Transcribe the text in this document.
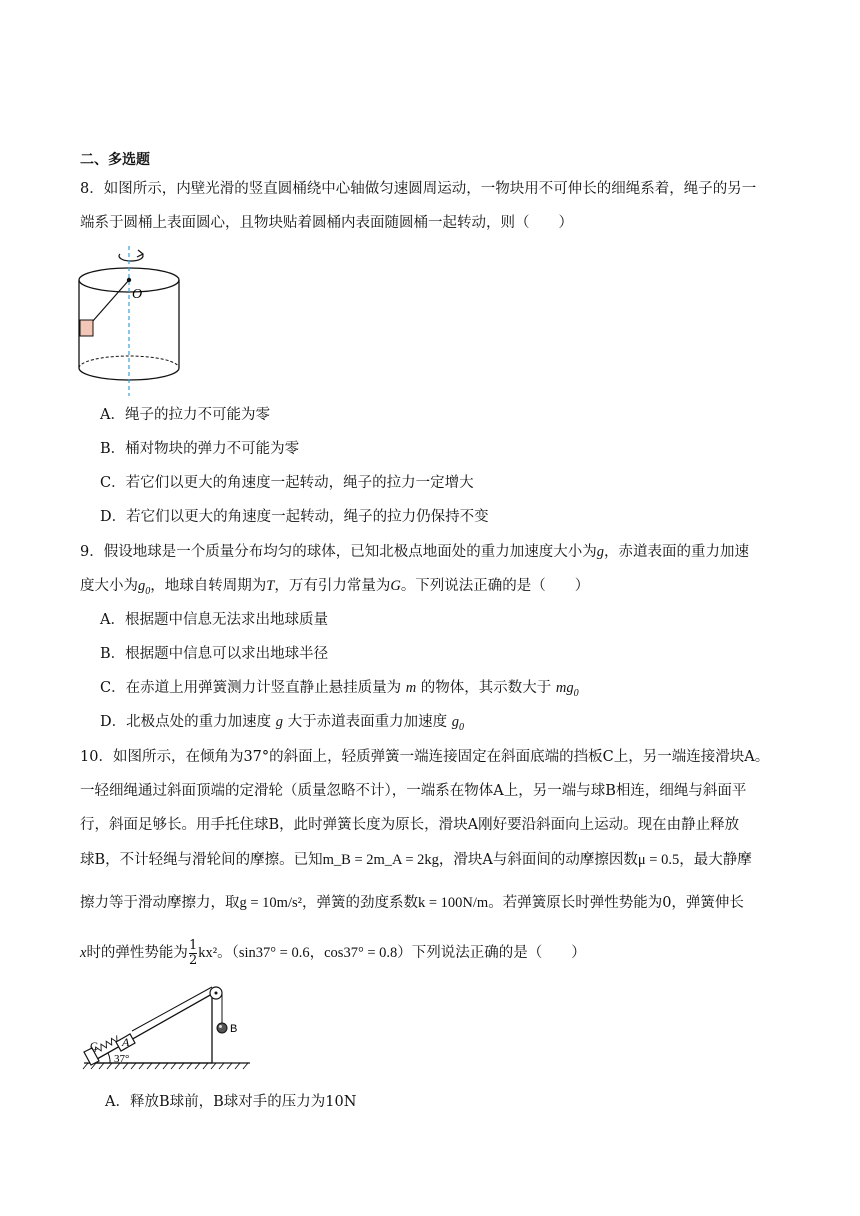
二、多选题
8．如图所示，内壁光滑的竖直圆桶绕中心轴做匀速圆周运动，一物块用不可伸长的细绳系着，绳子的另一
端系于圆桶上表面圆心，且物块贴着圆桶内表面随圆桶一起转动，则（　　）
O
A．绳子的拉力不可能为零
B．桶对物块的弹力不可能为零
C．若它们以更大的角速度一起转动，绳子的拉力一定增大
D．若它们以更大的角速度一起转动，绳子的拉力仍保持不变
9．假设地球是一个质量分布均匀的球体，已知北极点地面处的重力加速度大小为g，赤道表面的重力加速
度大小为$g_0$，地球自转周期为T，万有引力常量为G。下列说法正确的是（　　）
A．根据题中信息无法求出地球质量
B．根据题中信息可以求出地球半径
C．在赤道上用弹簧测力计竖直静止悬挂质量为 m 的物体，其示数大于 $mg_0$
D．北极点处的重力加速度 g 大于赤道表面重力加速度 $g_0$
10．如图所示，在倾角为37°的斜面上，轻质弹簧一端连接固定在斜面底端的挡板C上，另一端连接滑块A。
一轻细绳通过斜面顶端的定滑轮（质量忽略不计），一端系在物体A上，另一端与球B相连，细绳与斜面平
行，斜面足够长。用手托住球B，此时弹簧长度为原长，滑块A刚好要沿斜面向上运动。现在由静止释放
球B，不计轻绳与滑轮间的摩擦。已知m_B = 2m_A = 2kg，滑块A与斜面间的动摩擦因数μ = 0.5，最大静摩
擦力等于滑动摩擦力，取g = 10m/s²，弹簧的劲度系数k = 100N/m。若弹簧原长时弹性势能为0，弹簧伸长
x时的弹性势能为 $\frac{1}{2} kx^2$。（sin37° = 0.6，cos37° = 0.8）下列说法正确的是（　　）
C A
B
37°
A．释放B球前，B球对手的压力为10N
